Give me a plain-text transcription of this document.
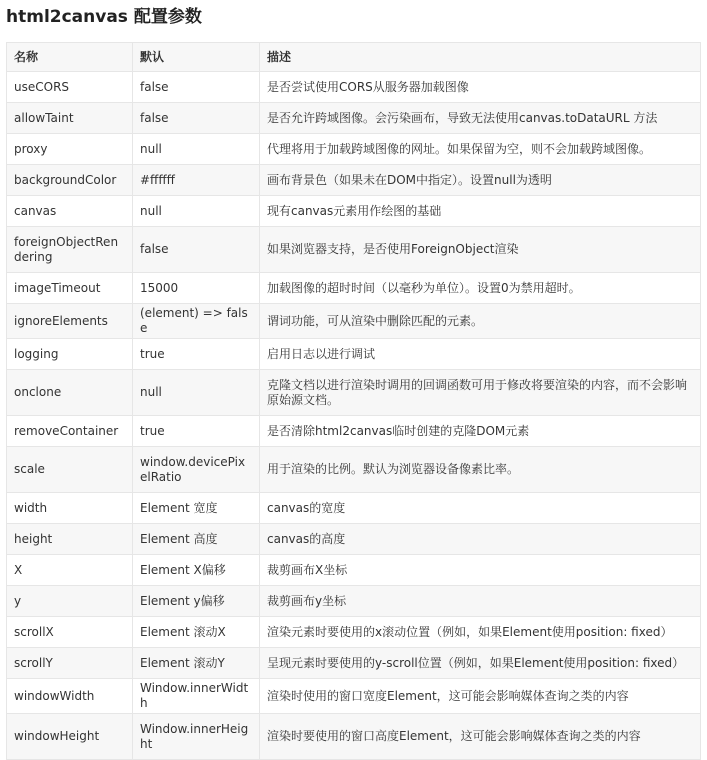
html2canvas 配置参数
名称	默认	描述
useCORS	false	是否尝试使用CORS从服务器加载图像
allowTaint	false	是否允许跨域图像。会污染画布，导致无法使用canvas.toDataURL 方法
proxy	null	代理将用于加载跨域图像的网址。如果保留为空，则不会加载跨域图像。
backgroundColor	#ffffff	画布背景色（如果未在DOM中指定）。设置null为透明
canvas	null	现有canvas元素用作绘图的基础
foreignObjectRendering	false	如果浏览器支持，是否使用ForeignObject渲染
imageTimeout	15000	加载图像的超时时间（以毫秒为单位）。设置0为禁用超时。
ignoreElements	(element) => false	谓词功能，可从渲染中删除匹配的元素。
logging	true	启用日志以进行调试
onclone	null	克隆文档以进行渲染时调用的回调函数可用于修改将要渲染的内容，而不会影响原始源文档。
removeContainer	true	是否清除html2canvas临时创建的克隆DOM元素
scale	window.devicePixelRatio	用于渲染的比例。默认为浏览器设备像素比率。
width	Element 宽度	canvas的宽度
height	Element 高度	canvas的高度
X	Element X偏移	裁剪画布X坐标
y	Element y偏移	裁剪画布y坐标
scrollX	Element 滚动X	渲染元素时要使用的x滚动位置（例如，如果Element使用position: fixed）
scrollY	Element 滚动Y	呈现元素时要使用的y-scroll位置（例如，如果Element使用position: fixed）
windowWidth	Window.innerWidth	渲染时使用的窗口宽度Element，这可能会影响媒体查询之类的内容
windowHeight	Window.innerHeight	渲染时要使用的窗口高度Element，这可能会影响媒体查询之类的内容
